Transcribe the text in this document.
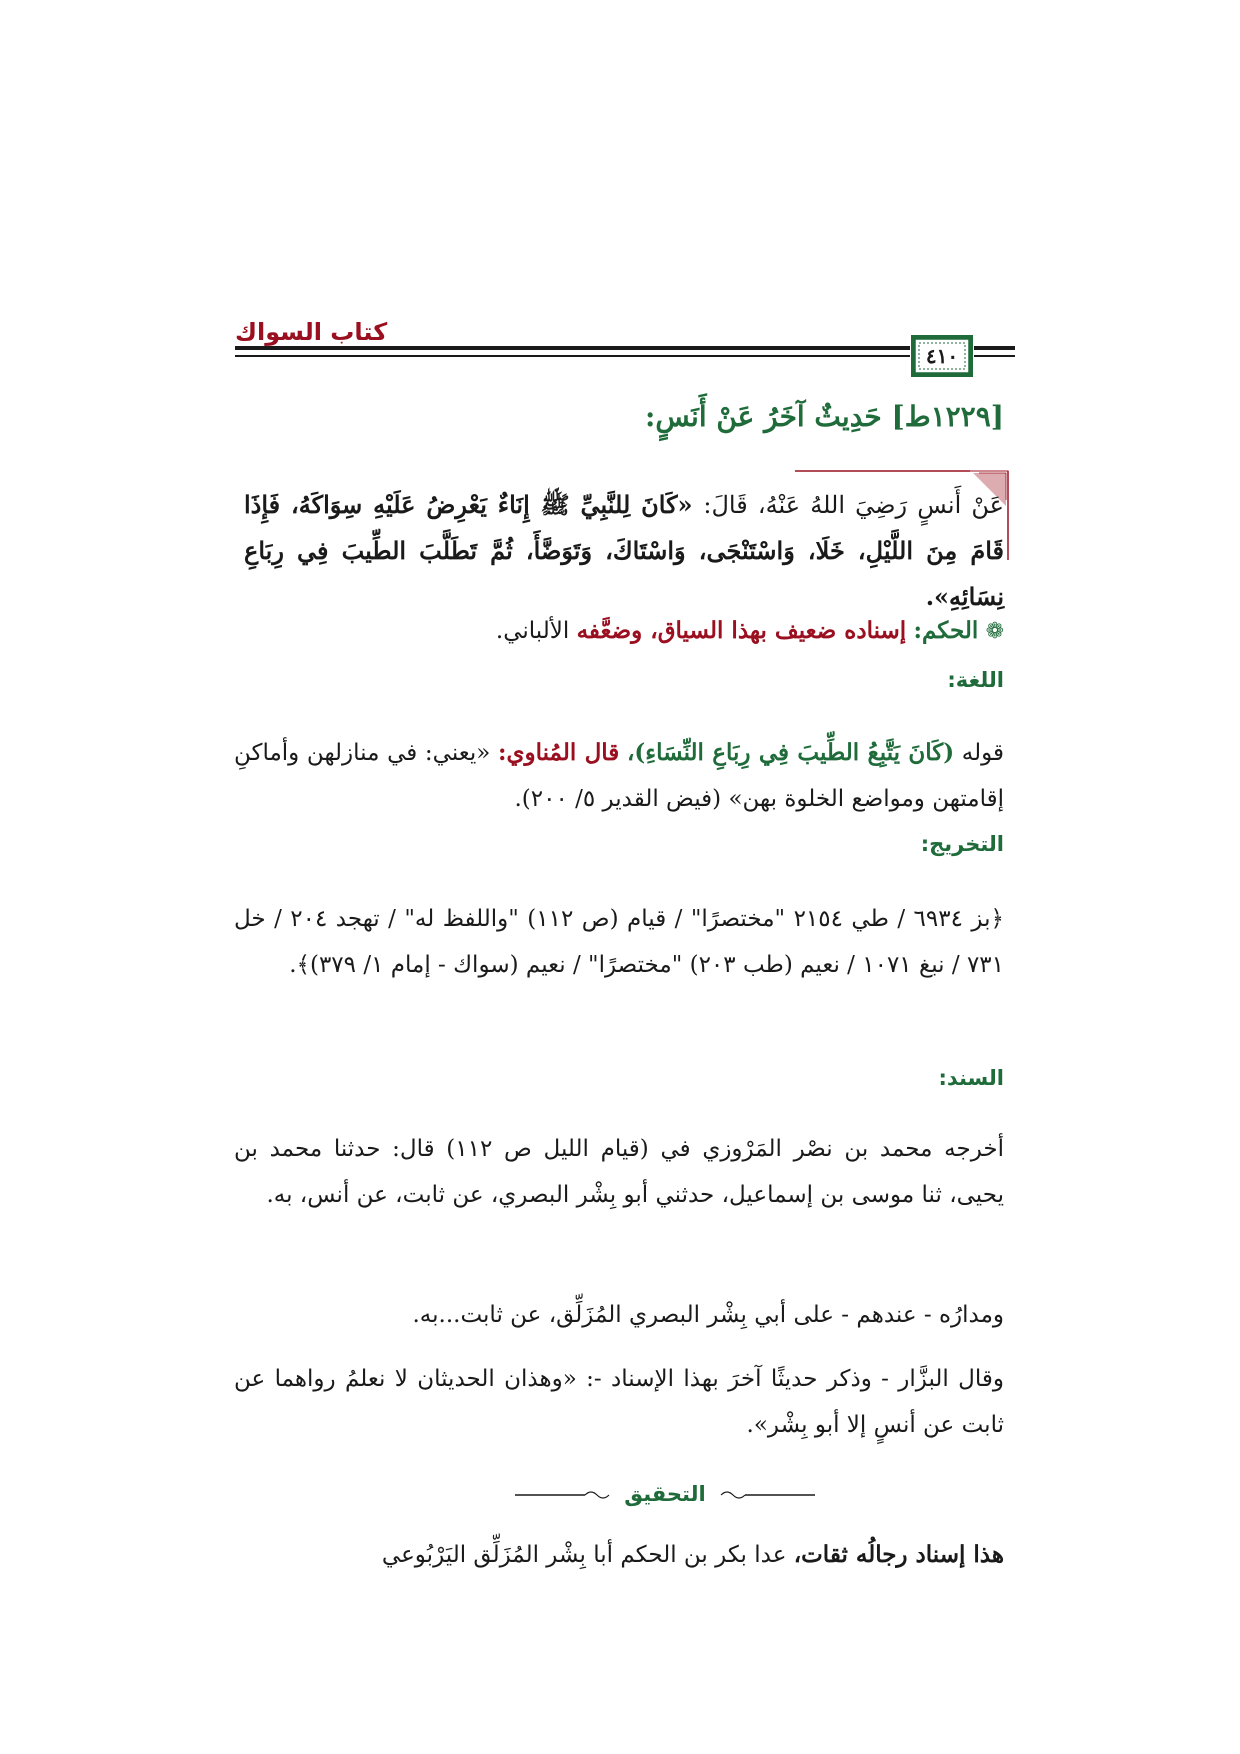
كتاب السواك
٤١٠
[١٢٢٩ط] حَدِيثٌ آخَرُ عَنْ أَنَسٍ:
عَنْ أَنسٍ رَضِيَ اللهُ عَنْهُ، قَالَ: «كَانَ لِلنَّبِيِّ ﷺ إِنَاءٌ يَعْرِضُ عَلَيْهِ سِوَاكَهُ، فَإِذَا قَامَ مِنَ اللَّيْلِ، خَلَا، وَاسْتَنْجَى، وَاسْتَاكَ، وَتَوَضَّأَ، ثُمَّ تَطَلَّبَ الطِّيبَ فِي رِبَاعِ نِسَائِهِ».
❁ الحكم: إسناده ضعيف بهذا السياق، وضعَّفه الألباني.
اللغة:
قوله (كَانَ يَتَّبِعُ الطِّيبَ فِي رِبَاعِ النِّسَاءِ)، قال المُناوي: «يعني: في منازلهن وأماكنِ إقامتهن ومواضع الخلوة بهن» (فيض القدير ٥/ ٢٠٠).
التخريج:
﴿بز ٦٩٣٤ / طي ٢١٥٤ "مختصرًا" / قيام (ص ١١٢) "واللفظ له" / تهجد ٢٠٤ / خل ٧٣١ / نبغ ١٠٧١ / نعيم (طب ٢٠٣) "مختصرًا" / نعيم (سواك - إمام ١/ ٣٧٩)﴾.
السند:
أخرجه محمد بن نصْر المَرْوزي في (قيام الليل ص ١١٢) قال: حدثنا محمد بن يحيى، ثنا موسى بن إسماعيل، حدثني أبو بِشْر البصري، عن ثابت، عن أنس، به.
ومدارُه - عندهم - على أبي بِشْر البصري المُزَلِّق، عن ثابت...به.
وقال البزَّار - وذكر حديثًا آخرَ بهذا الإسناد -: «وهذان الحديثان لا نعلمُ رواهما عن ثابت عن أنسٍ إلا أبو بِشْر».
التحقيق
هذا إسناد رجالُه ثقات، عدا بكر بن الحكم أبا بِشْر المُزَلِّق اليَرْبُوعي
